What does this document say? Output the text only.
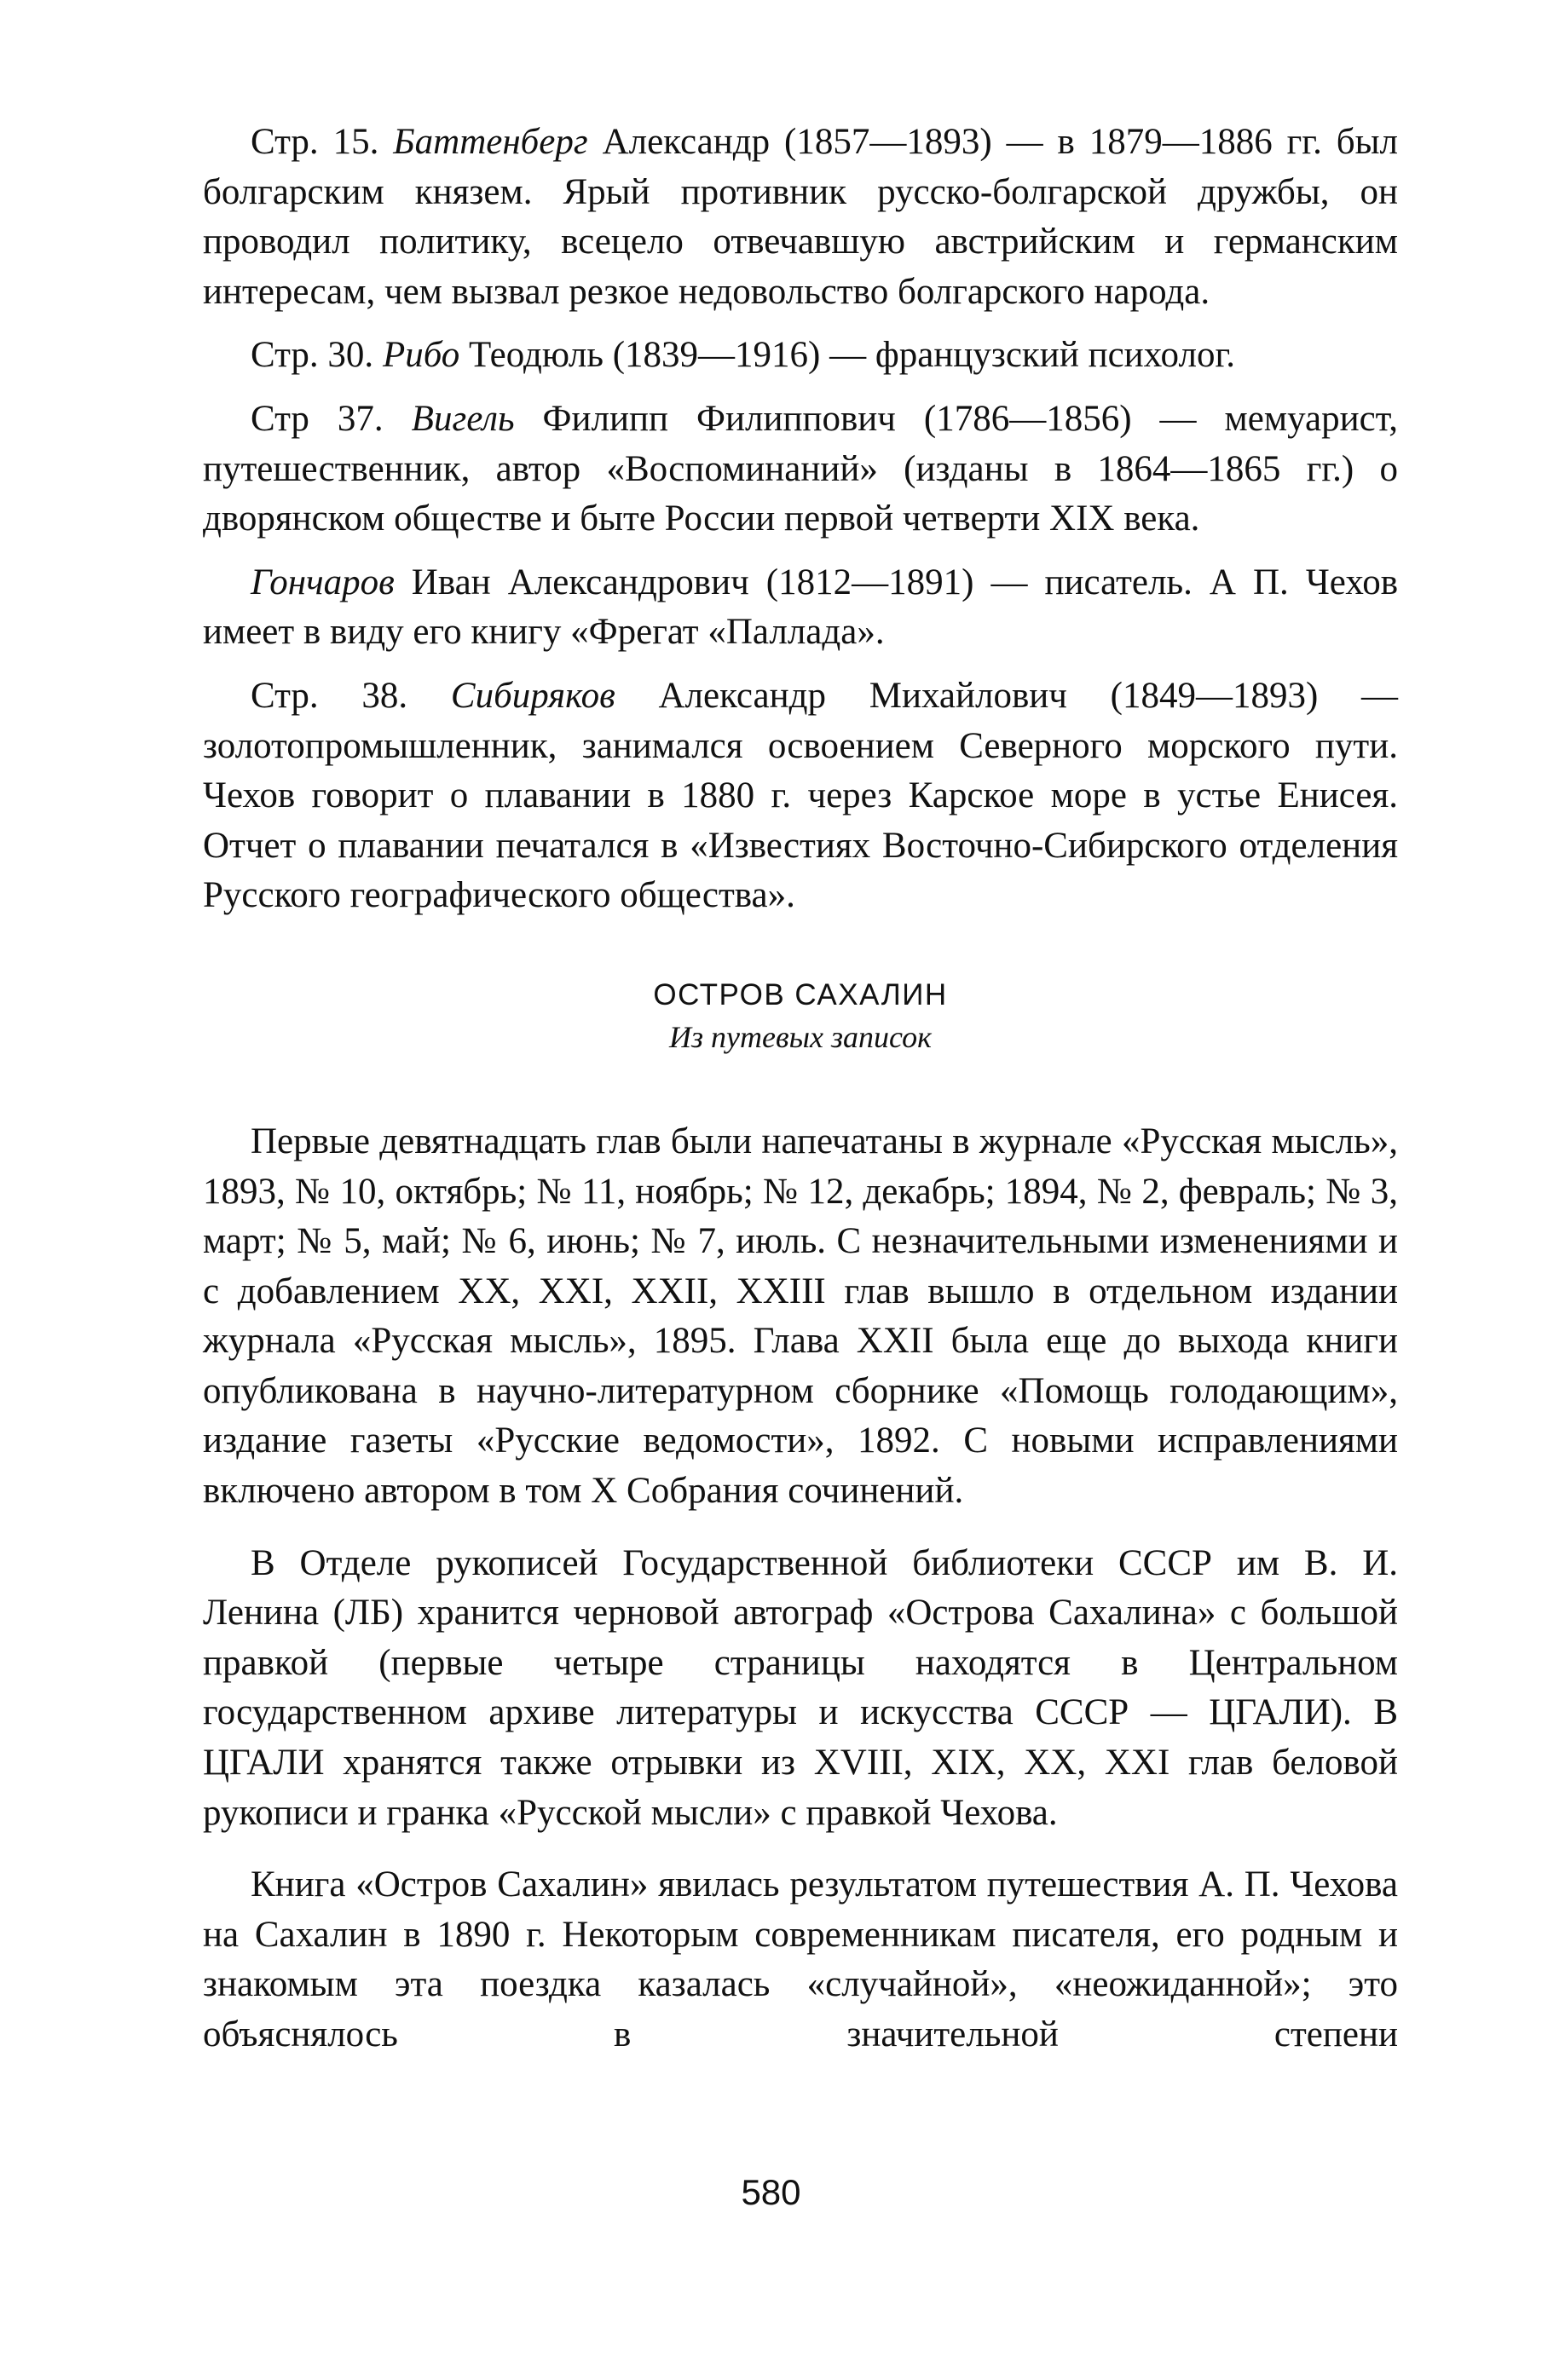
Стр. 15. Баттенберг Александр (1857—1893) — в 1879—1886 гг. был болгарским князем. Ярый противник русско-болгарской дружбы, он проводил политику, всецело отвечавшую австрийским и германским интересам, чем вызвал резкое недовольство болгарского народа.

Стр. 30. Рибо Теодюль (1839—1916) — французский психолог.

Стр 37. Вигель Филипп Филиппович (1786—1856) — мемуарист, путешественник, автор «Воспоминаний» (изданы в 1864—1865 гг.) о дворянском обществе и быте России первой четверти XIX века.

Гончаров Иван Александрович (1812—1891) — писатель. А П. Чехов имеет в виду его книгу «Фрегат «Паллада».

Стр. 38. Сибиряков Александр Михайлович (1849—1893) — золотопромышленник, занимался освоением Северного морского пути. Чехов говорит о плавании в 1880 г. через Карское море в устье Енисея. Отчет о плавании печатался в «Известиях Восточно-Сибирского отделения Русского географического общества».

ОСТРОВ САХАЛИН

Из путевых записок

Первые девятнадцать глав были напечатаны в журнале «Русская мысль», 1893, № 10, октябрь; № 11, ноябрь; № 12, декабрь; 1894, № 2, февраль; № 3, март; № 5, май; № 6, июнь; № 7, июль. С незначительными изменениями и с добавлением XX, XXI, XXII, XXIII глав вышло в отдельном издании журнала «Русская мысль», 1895. Глава XXII была еще до выхода книги опубликована в научно-литературном сборнике «Помощь голодающим», издание газеты «Русские ведомости», 1892. С новыми исправлениями включено автором в том X Собрания сочинений.

В Отделе рукописей Государственной библиотеки СССР им В. И. Ленина (ЛБ) хранится черновой автограф «Острова Сахалина» с большой правкой (первые четыре страницы находятся в Центральном государственном архиве литературы и искусства СССР — ЦГАЛИ). В ЦГАЛИ хранятся также отрывки из XVIII, XIX, XX, XXI глав беловой рукописи и гранка «Русской мысли» с правкой Чехова.

Книга «Остров Сахалин» явилась результатом путешествия А. П. Чехова на Сахалин в 1890 г. Некоторым современникам писателя, его родным и знакомым эта поездка казалась «случайной», «неожиданной»; это объяснялось в значительной степени

580
